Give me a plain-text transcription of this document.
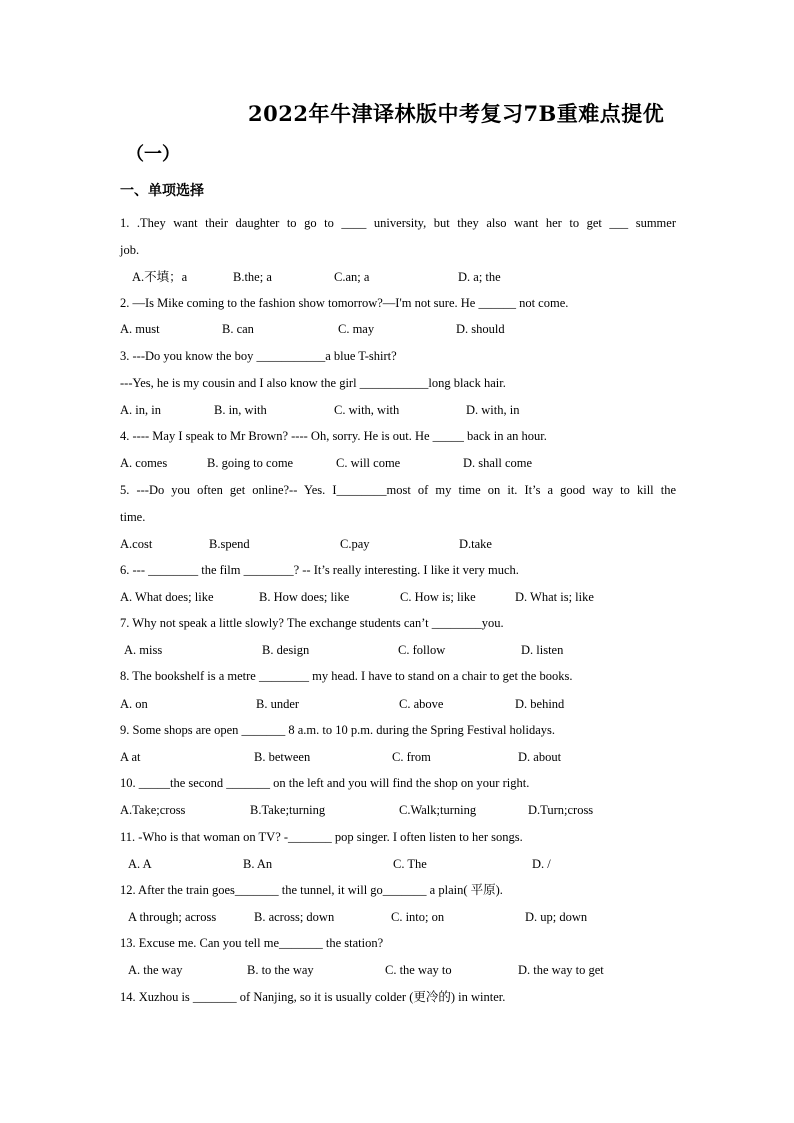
2022年牛津译林版中考复习7B重难点提优
（一）
一、单项选择
1. .They want their daughter to go to ____ university, but they also want her to get ___ summer
job.
A.不填；a	B.the; a	C.an; a	D. a; the
2. —Is Mike coming to the fashion show tomorrow?—I'm not sure. He ______ not come.
A. must	B. can	C. may	D. should
3. ---Do you know the boy ___________a blue T-shirt?
---Yes, he is my cousin and I also know the girl ___________long black hair.
A. in, in	B. in, with	C. with, with	D. with, in
4. ---- May I speak to Mr Brown? ---- Oh, sorry. He is out. He _____ back in an hour.
A. comes	B. going to come	C. will come	D. shall come
5. ---Do you often get online?-- Yes. I________most of my time on it. It’s a good way to kill the
time.
A.cost	B.spend	C.pay	D.take
6. --- ________ the film ________? -- It’s really interesting. I like it very much.
A. What does; like	B. How does; like	C. How is; like	D. What is; like
7. Why not speak a little slowly? The exchange students can’t ________you.
A. miss	B. design	C. follow	D. listen
8. The bookshelf is a metre ________ my head. I have to stand on a chair to get the books.
A. on	B. under	C. above	D. behind
9. Some shops are open _______ 8 a.m. to 10 p.m. during the Spring Festival holidays.
A at	B. between	C. from	D. about
10. _____the second _______ on the left and you will find the shop on your right.
A.Take;cross	B.Take;turning	C.Walk;turning	D.Turn;cross
11. -Who is that woman on TV? -_______ pop singer. I often listen to her songs.
A. A	B. An	C. The	D. /
12. After the train goes_______ the tunnel, it will go_______ a plain( 平原).
A through; across	B. across; down	C. into; on	D. up; down
13. Excuse me. Can you tell me_______ the station?
A. the way	B. to the way	C. the way to	D. the way to get
14. Xuzhou is _______ of Nanjing, so it is usually colder (更冷的) in winter.
